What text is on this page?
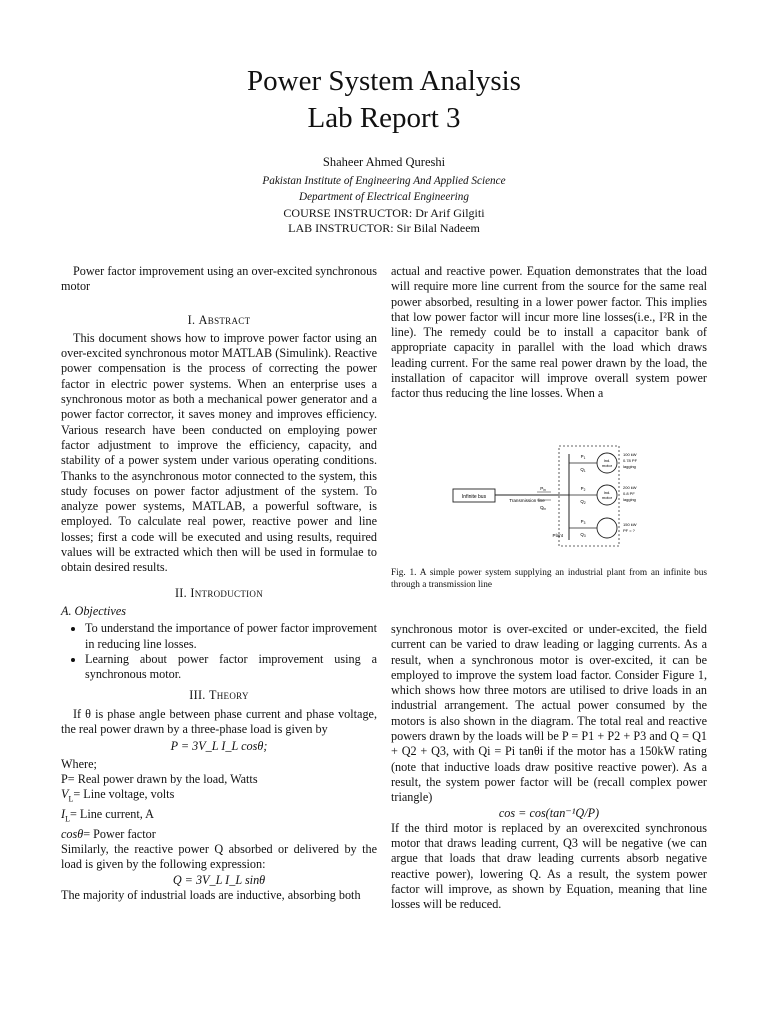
Power System Analysis
Lab Report 3
Shaheer Ahmed Qureshi
Pakistan Institute of Engineering And Applied Science
Department of Electrical Engineering
COURSE INSTRUCTOR: Dr Arif Gilgiti
LAB INSTRUCTOR: Sir Bilal Nadeem

Power factor improvement using an over-excited synchronous motor

I. Abstract

This document shows how to improve power factor using an over-excited synchronous motor MATLAB (Simulink). Reactive power compensation is the process of correcting the power factor in electric power systems. When an enterprise uses a synchronous motor as both a mechanical power generator and a power factor corrector, it saves money and improves efficiency. Various research have been conducted on employing power factor adjustment to improve the efficiency, capacity, and stability of a power system under various operating conditions. Thanks to the asynchronous motor connected to the system, this study focuses on power factor adjustment of the system. To analyze power systems, MATLAB, a powerful software, is employed. To calculate real power, reactive power and line losses; first a code will be executed and using results, required values will be extracted which then will be used in formulae to obtain desired results.

II. Introduction

A. Objectives

• To understand the importance of power factor improvement in reducing line losses.
• Learning about power factor improvement using a synchronous motor.

III. Theory

If θ is phase angle between phase current and phase voltage, the real power drawn by a three-phase load is given by

P = 3V_L I_L cosθ;

Where;

P= Real power drawn by the load, Watts

$V_L=$ Line voltage, volts

$I_L=$ Line current, A

cosθ= Power factor

Similarly, the reactive power Q absorbed or delivered by the load is given by the following expression:

Q = 3V_L I_L sinθ

The majority of industrial loads are inductive, absorbing both

actual and reactive power. Equation demonstrates that the load will require more line current from the source for the same real power absorbed, resulting in a lower power factor. This implies that low power factor will incur more line losses(i.e., I²R in the line). The remedy could be to install a capacitor bank of appropriate capacity in parallel with the load which draws leading current. For the same real power drawn by the load, the installation of capacitor will improve overall system power factor thus reducing the line losses. When a

Infinite bus
Transmission line
$P_{in}$
$Q_{in}$
Plant
$P_1$
$Q_1$
Ind.
motor
100 kW
0.78 PF
lagging
$P_2$
$Q_2$
Ind.
motor
200 kW
0.8 PF
lagging
$P_3$
$Q_3$
150 kW
PF = ?
Fig. 1. A simple power system supplying an industrial plant from an infinite bus through a transmission line

synchronous motor is over-excited or under-excited, the field current can be varied to draw leading or lagging currents. As a result, when a synchronous motor is over-excited, it can be employed to improve the system load factor. Consider Figure 1, which shows how three motors are utilised to drive loads in an industrial arrangement. The actual power consumed by the motors is also shown in the diagram. The total real and reactive powers drawn by the loads will be P = P1 + P2 + P3 and Q = Q1 + Q2 + Q3, with Qi = Pi tanθi if the motor has a 150kW rating (note that inductive loads draw positive reactive power). As a result, the system power factor will be (recall complex power triangle)

cos = cos(tan⁻¹Q/P)

If the third motor is replaced by an overexcited synchronous motor that draws leading current, Q3 will be negative (we can argue that loads that draw leading currents absorb negative reactive power), lowering Q. As a result, the system power factor will improve, as shown by Equation, meaning that line losses will be reduced.
